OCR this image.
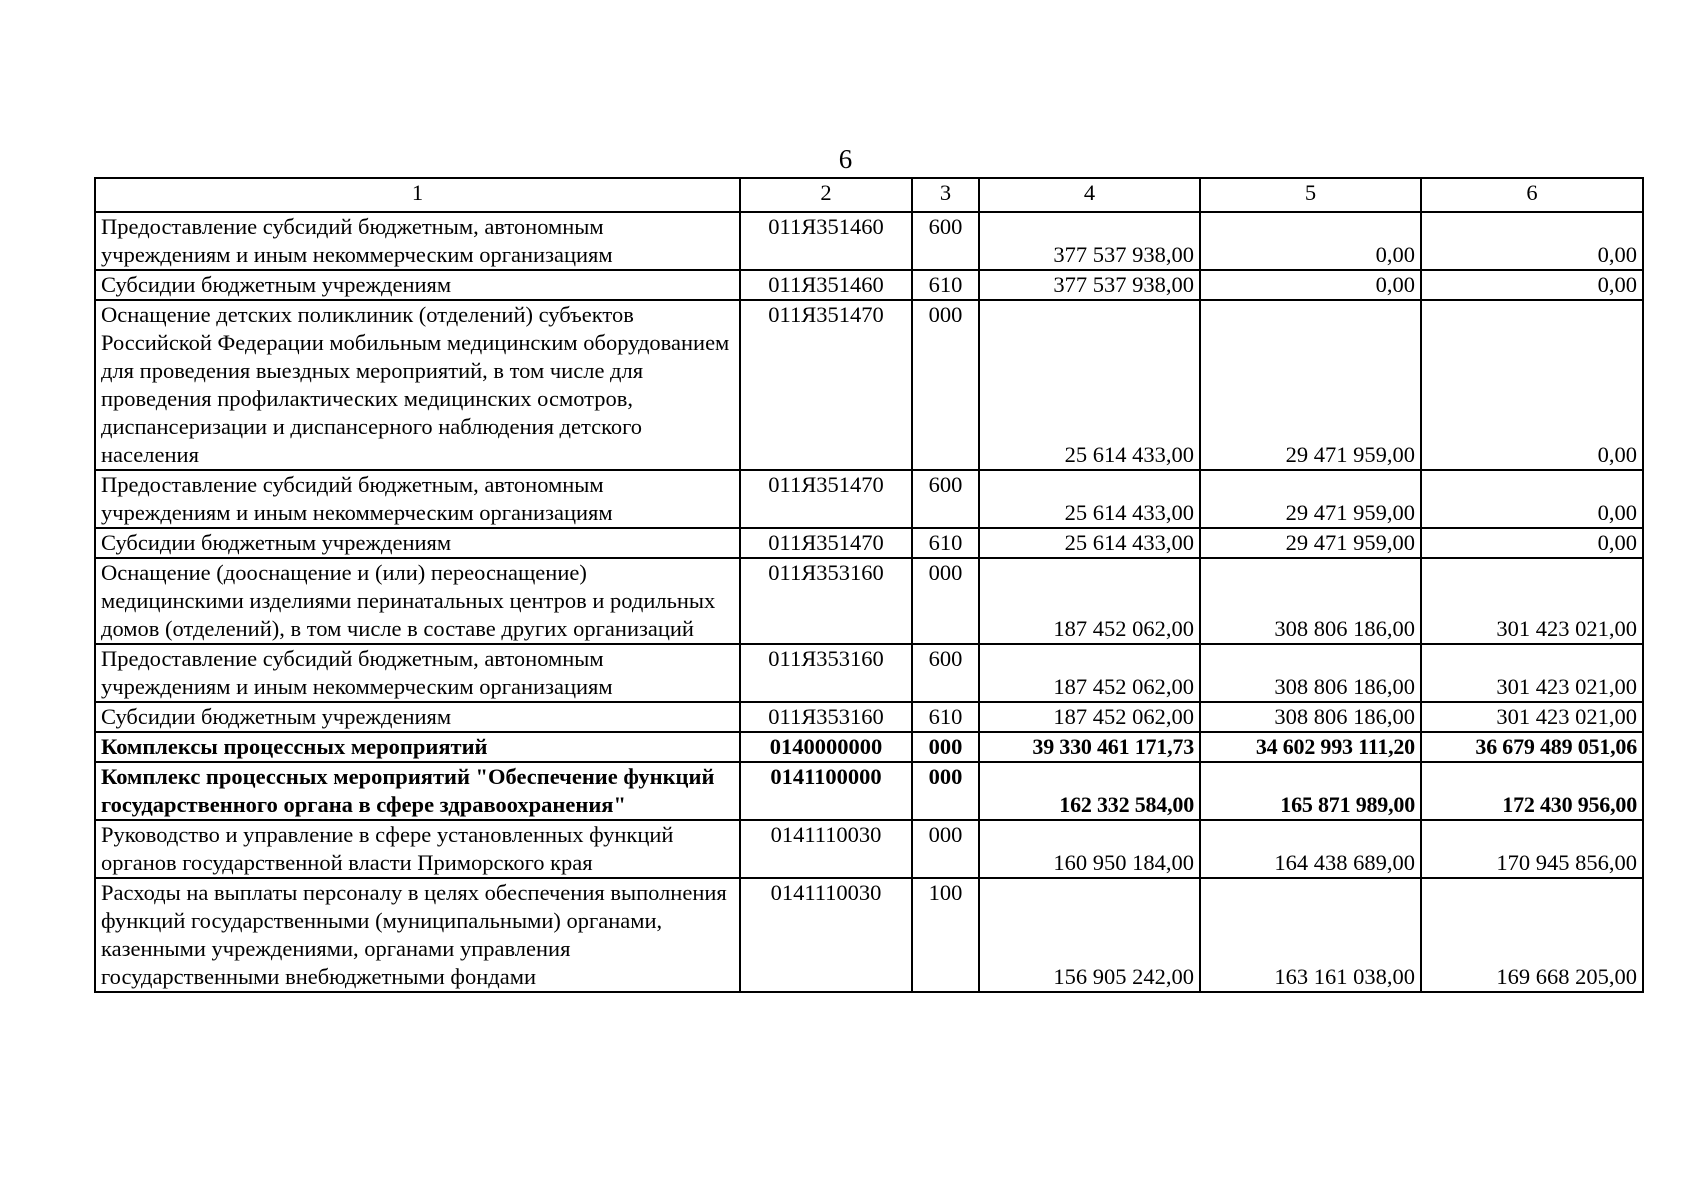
6
1	2	3	4	5	6
Предоставление субсидий бюджетным, автономным учреждениям и иным некоммерческим организациям	011Я351460	600	377 537 938,00	0,00	0,00
Субсидии бюджетным учреждениям	011Я351460	610	377 537 938,00	0,00	0,00
Оснащение детских поликлиник (отделений) субъектов Российской Федерации мобильным медицинским оборудованием для проведения выездных мероприятий, в том числе для проведения профилактических медицинских осмотров, диспансеризации и диспансерного наблюдения детского населения	011Я351470	000	25 614 433,00	29 471 959,00	0,00
Предоставление субсидий бюджетным, автономным учреждениям и иным некоммерческим организациям	011Я351470	600	25 614 433,00	29 471 959,00	0,00
Субсидии бюджетным учреждениям	011Я351470	610	25 614 433,00	29 471 959,00	0,00
Оснащение (дооснащение и (или) переоснащение) медицинскими изделиями перинатальных центров и родильных домов (отделений), в том числе в составе других организаций	011Я353160	000	187 452 062,00	308 806 186,00	301 423 021,00
Предоставление субсидий бюджетным, автономным учреждениям и иным некоммерческим организациям	011Я353160	600	187 452 062,00	308 806 186,00	301 423 021,00
Субсидии бюджетным учреждениям	011Я353160	610	187 452 062,00	308 806 186,00	301 423 021,00
Комплексы процессных мероприятий	0140000000	000	39 330 461 171,73	34 602 993 111,20	36 679 489 051,06
Комплекс процессных мероприятий "Обеспечение функций государственного органа в сфере здравоохранения"	0141100000	000	162 332 584,00	165 871 989,00	172 430 956,00
Руководство и управление в сфере установленных функций органов государственной власти Приморского края	0141110030	000	160 950 184,00	164 438 689,00	170 945 856,00
Расходы на выплаты персоналу в целях обеспечения выполнения функций государственными (муниципальными) органами, казенными учреждениями, органами управления государственными внебюджетными фондами	0141110030	100	156 905 242,00	163 161 038,00	169 668 205,00
